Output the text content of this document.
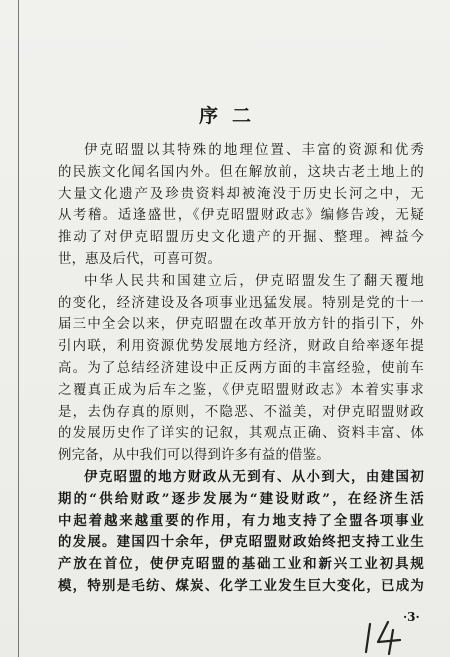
序二
伊克昭盟以其特殊的地理位置、丰富的资源和优秀
的民族文化闻名国内外。但在解放前，这块古老土地上的
大量文化遗产及珍贵资料却被淹没于历史长河之中，无
从考稽。适逢盛世，《伊克昭盟财政志》编修告竣，无疑
推动了对伊克昭盟历史文化遗产的开掘、整理。裨益今
世，惠及后代，可喜可贺。
中华人民共和国建立后，伊克昭盟发生了翻天覆地
的变化，经济建设及各项事业迅猛发展。特别是党的十一
届三中全会以来，伊克昭盟在改革开放方针的指引下，外
引内联，利用资源优势发展地方经济，财政自给率逐年提
高。为了总结经济建设中正反两方面的丰富经验，使前车
之覆真正成为后车之鉴，《伊克昭盟财政志》本着实事求
是，去伪存真的原则，不隐恶、不溢美，对伊克昭盟财政
的发展历史作了详实的记叙，其观点正确、资料丰富、体
例完备，从中我们可以得到许多有益的借鉴。
伊克昭盟的地方财政从无到有、从小到大，由建国初
期的“供给财政”逐步发展为“建设财政”，在经济生活
中起着越来越重要的作用，有力地支持了全盟各项事业
的发展。建国四十余年，伊克昭盟财政始终把支持工业生
产放在首位，使伊克昭盟的基础工业和新兴工业初具规
模，特别是毛纺、煤炭、化学工业发生巨大变化，已成为
·3·
